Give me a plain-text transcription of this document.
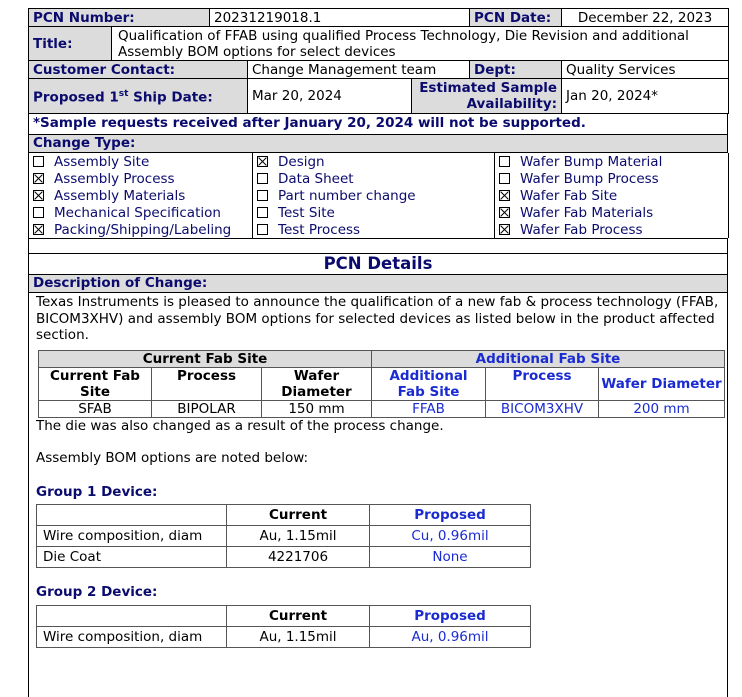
PCN Number:		20231219018.1			PCN Date:	December 22, 2023
Title:	Qualification of FFAB using qualified Process Technology, Die Revision and additional Assembly BOM options for select devices					
Customer Contact:			Change Management team		Dept:	Quality Services
Proposed 1st Ship Date:			Mar 20, 2024	Estimated Sample Availability:		Jan 20, 2024*
*Sample requests received after January 20, 2024 will not be supported.
Change Type:
Assembly Site	Design	Wafer Bump Material
Assembly Process	Data Sheet	Wafer Bump Process
Assembly Materials	Part number change	Wafer Fab Site
Mechanical Specification	Test Site	Wafer Fab Materials
Packing/Shipping/Labeling	Test Process	Wafer Fab Process
PCN Details
Description of Change:

Texas Instruments is pleased to announce the qualification of a new fab & process technology (FFAB, BICOM3XHV) and assembly BOM options for selected devices as listed below in the product affected section.

Current Fab Site			Additional Fab Site		
Current Fab Site	Process	Wafer Diameter	Additional Fab Site	Process	Wafer Diameter
SFAB	BIPOLAR	150 mm	FFAB	BICOM3XHV	200 mm

The die was also changed as a result of the process change.

Assembly BOM options are noted below:

Group 1 Device:

	Current	Proposed
Wire composition, diam	Au, 1.15mil	Cu, 0.96mil
Die Coat	4221706	None

Group 2 Device:

	Current	Proposed
Wire composition, diam	Au, 1.15mil	Au, 0.96mil
